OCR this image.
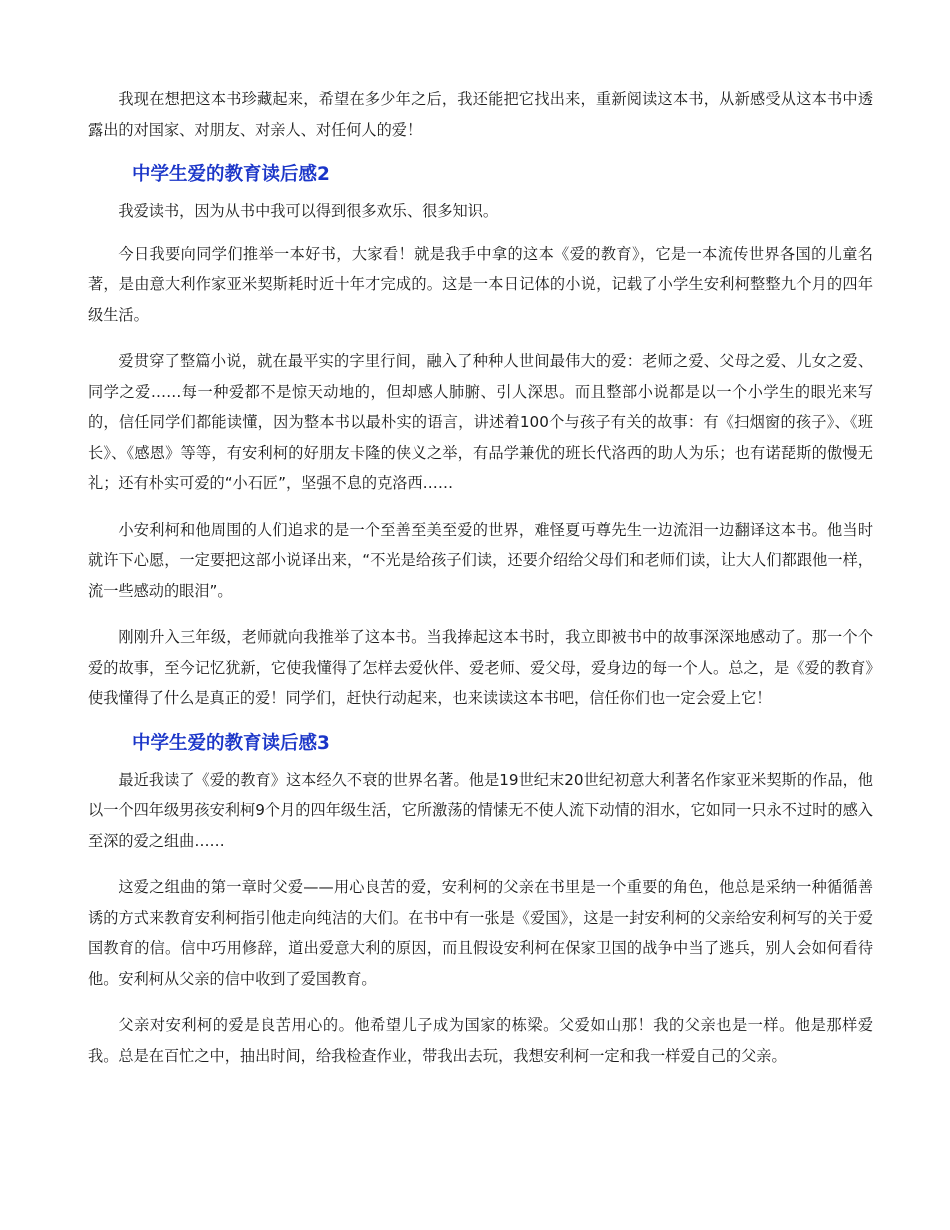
我现在想把这本书珍藏起来，希望在多少年之后，我还能把它找出来，重新阅读这本书，从新感受从这本书中透露出的对国家、对朋友、对亲人、对任何人的爱！

中学生爱的教育读后感2

我爱读书，因为从书中我可以得到很多欢乐、很多知识。

今日我要向同学们推举一本好书，大家看！就是我手中拿的这本《爱的教育》，它是一本流传世界各国的儿童名著，是由意大利作家亚米契斯耗时近十年才完成的。这是一本日记体的小说，记载了小学生安利柯整整九个月的四年级生活。

爱贯穿了整篇小说，就在最平实的字里行间，融入了种种人世间最伟大的爱：老师之爱、父母之爱、儿女之爱、同学之爱……每一种爱都不是惊天动地的，但却感人肺腑、引人深思。而且整部小说都是以一个小学生的眼光来写的，信任同学们都能读懂，因为整本书以最朴实的语言，讲述着100个与孩子有关的故事：有《扫烟窗的孩子》、《班长》、《感恩》等等，有安利柯的好朋友卡隆的侠义之举，有品学兼优的班长代洛西的助人为乐；也有诺琵斯的傲慢无礼；还有朴实可爱的“小石匠”，坚强不息的克洛西……

小安利柯和他周围的人们追求的是一个至善至美至爱的世界，难怪夏丏尊先生一边流泪一边翻译这本书。他当时就许下心愿，一定要把这部小说译出来，“不光是给孩子们读，还要介绍给父母们和老师们读，让大人们都跟他一样，流一些感动的眼泪”。

刚刚升入三年级，老师就向我推举了这本书。当我捧起这本书时，我立即被书中的故事深深地感动了。那一个个爱的故事，至今记忆犹新，它使我懂得了怎样去爱伙伴、爱老师、爱父母，爱身边的每一个人。总之，是《爱的教育》使我懂得了什么是真正的爱！同学们，赶快行动起来，也来读读这本书吧，信任你们也一定会爱上它！

中学生爱的教育读后感3

最近我读了《爱的教育》这本经久不衰的世界名著。他是19世纪末20世纪初意大利著名作家亚米契斯的作品，他以一个四年级男孩安利柯9个月的四年级生活，它所激荡的情愫无不使人流下动情的泪水，它如同一只永不过时的感入至深的爱之组曲……

这爱之组曲的第一章时父爱——用心良苦的爱，安利柯的父亲在书里是一个重要的角色，他总是采纳一种循循善诱的方式来教育安利柯指引他走向纯洁的大们。在书中有一张是《爱国》，这是一封安利柯的父亲给安利柯写的关于爱国教育的信。信中巧用修辞，道出爱意大利的原因，而且假设安利柯在保家卫国的战争中当了逃兵，别人会如何看待他。安利柯从父亲的信中收到了爱国教育。

父亲对安利柯的爱是良苦用心的。他希望儿子成为国家的栋梁。父爱如山那！我的父亲也是一样。他是那样爱我。总是在百忙之中，抽出时间，给我检查作业，带我出去玩，我想安利柯一定和我一样爱自己的父亲。
